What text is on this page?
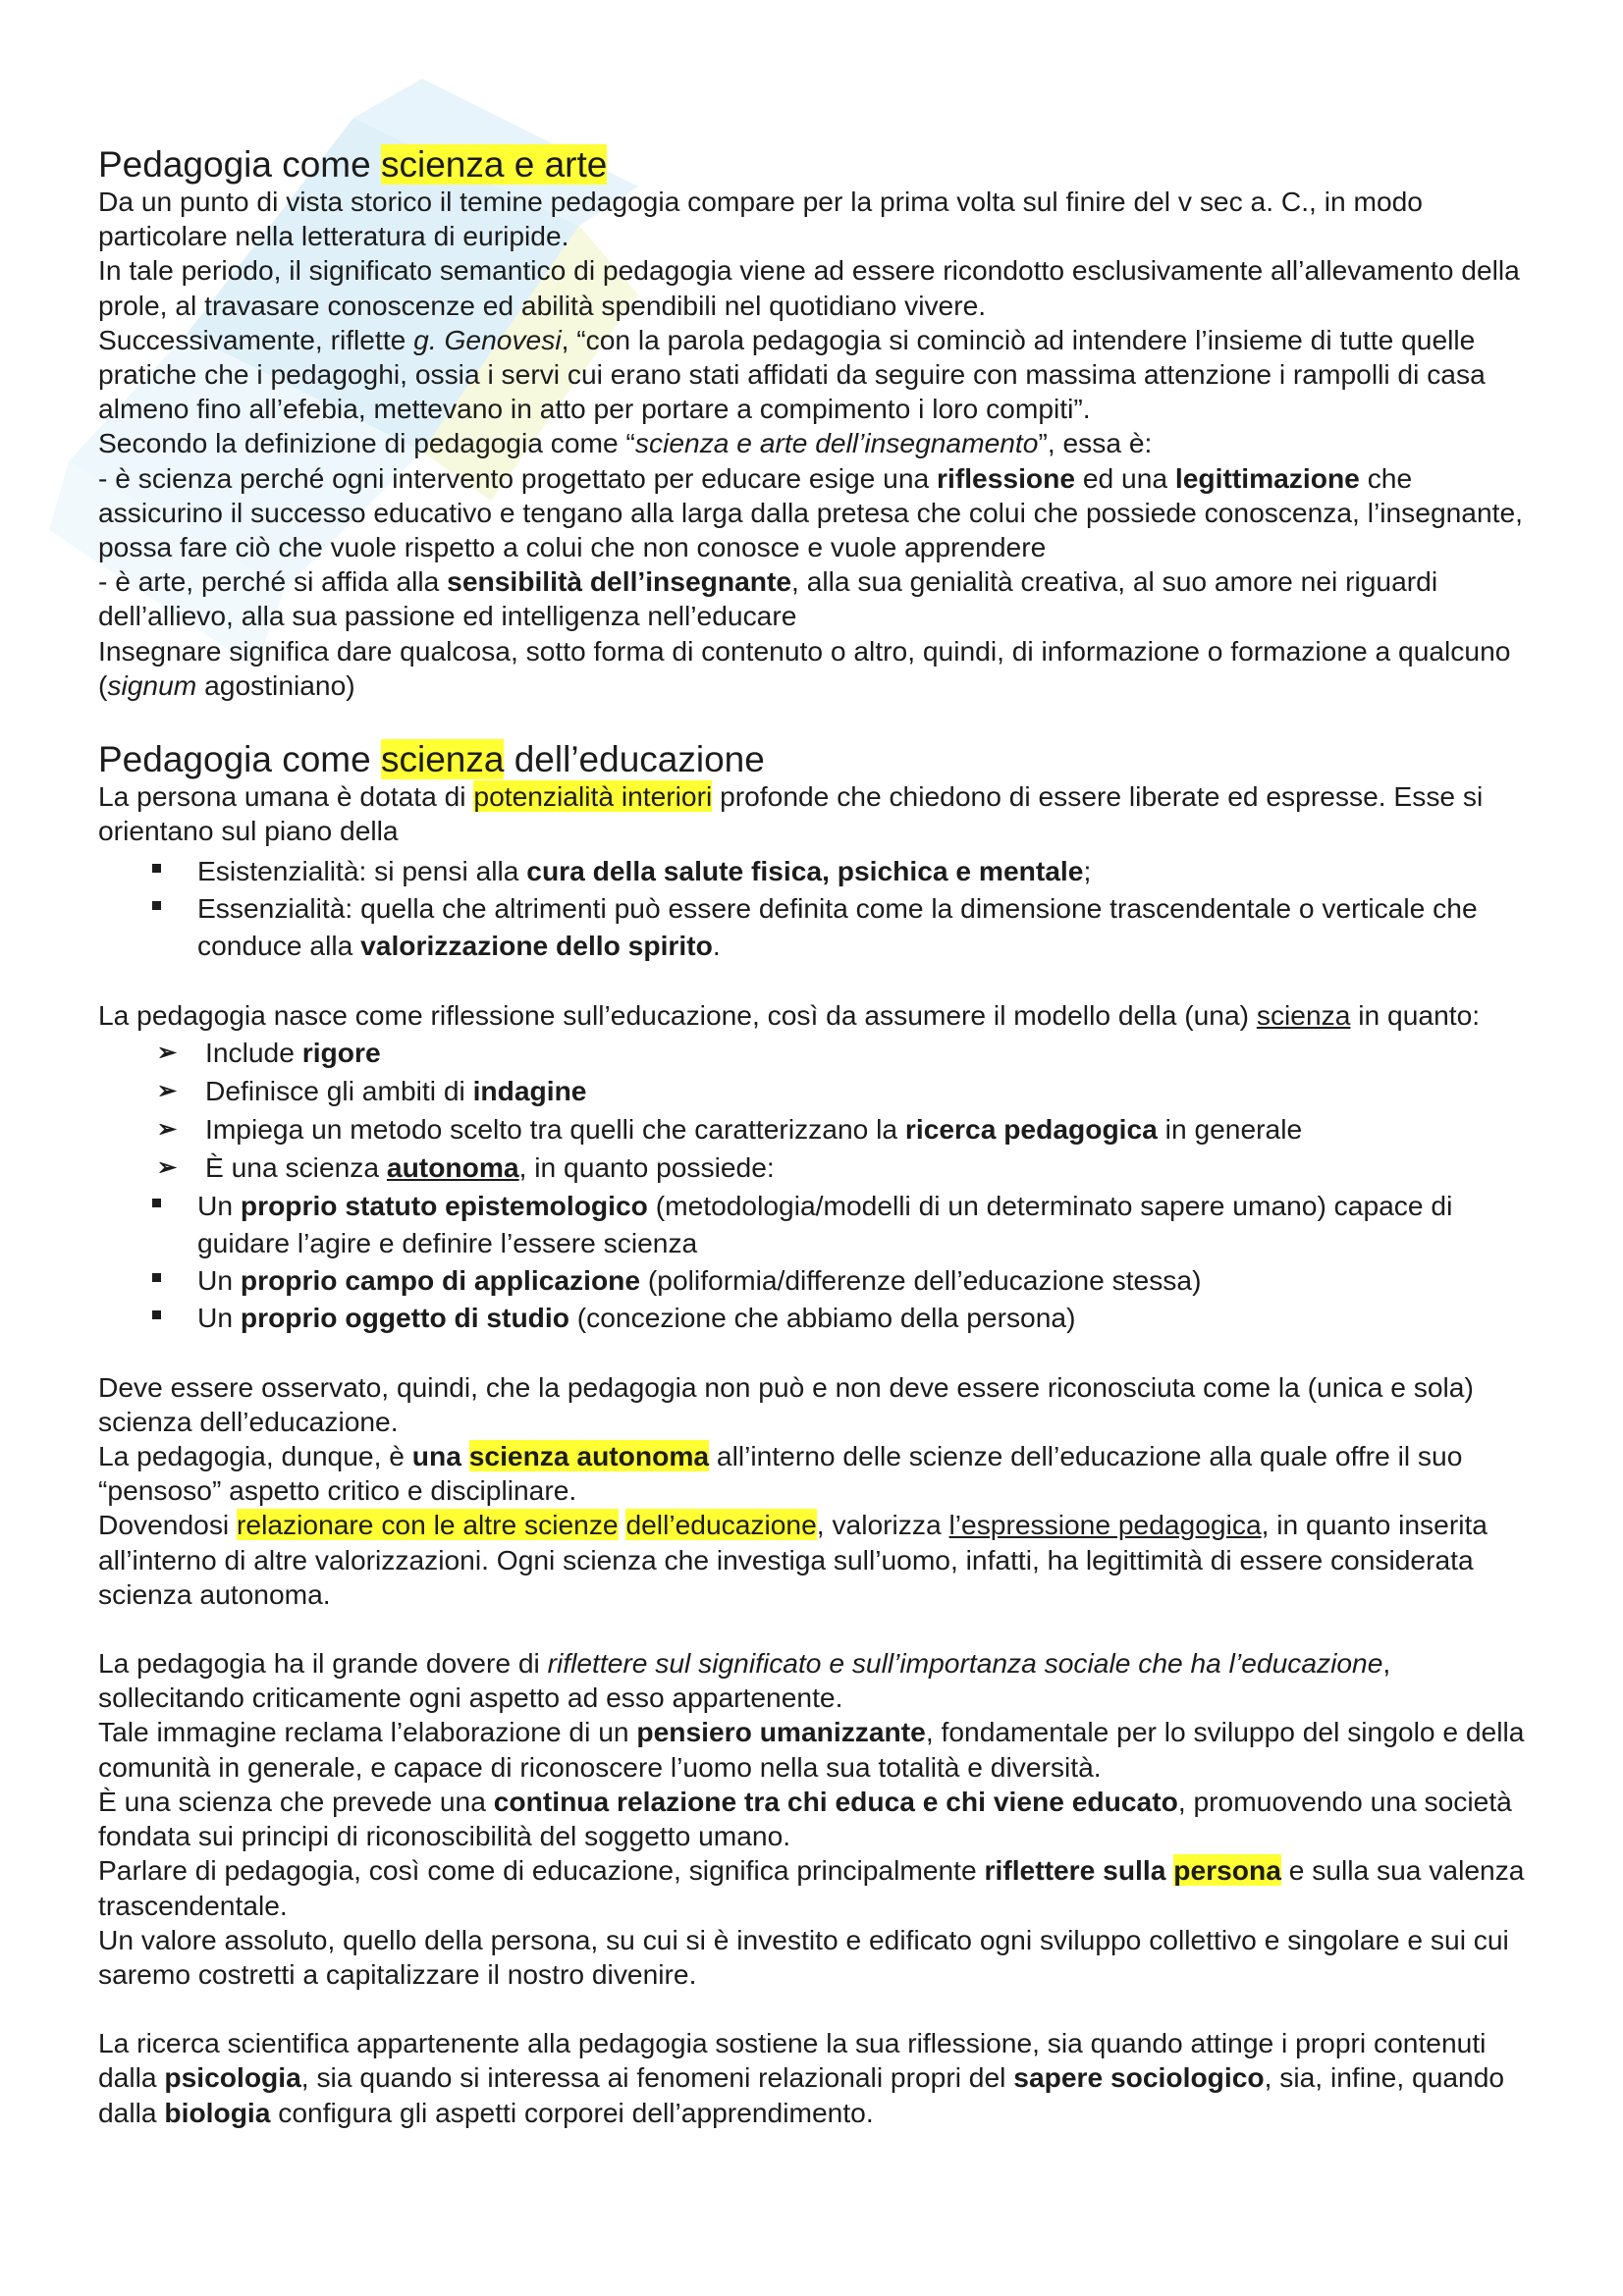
Pedagogia come scienza e arte

Da un punto di vista storico il temine pedagogia compare per la prima volta sul finire del v sec a. C., in modo particolare nella letteratura di euripide.

In tale periodo, il significato semantico di pedagogia viene ad essere ricondotto esclusivamente all’allevamento della prole, al travasare conoscenze ed abilità spendibili nel quotidiano vivere.

Successivamente, riflette g. Genovesi, “con la parola pedagogia si cominciò ad intendere l’insieme di tutte quelle pratiche che i pedagoghi, ossia i servi cui erano stati affidati da seguire con massima attenzione i rampolli di casa almeno fino all’efebia, mettevano in atto per portare a compimento i loro compiti”.

Secondo la definizione di pedagogia come “scienza e arte dell’insegnamento”, essa è:

- è scienza perché ogni intervento progettato per educare esige una riflessione ed una legittimazione che assicurino il successo educativo e tengano alla larga dalla pretesa che colui che possiede conoscenza, l’insegnante, possa fare ciò che vuole rispetto a colui che non conosce e vuole apprendere

- è arte, perché si affida alla sensibilità dell’insegnante, alla sua genialità creativa, al suo amore nei riguardi dell’allievo, alla sua passione ed intelligenza nell’educare

Insegnare significa dare qualcosa, sotto forma di contenuto o altro, quindi, di informazione o formazione a qualcuno (signum agostiniano)

Pedagogia come scienza dell’educazione

La persona umana è dotata di potenzialità interiori profonde che chiedono di essere liberate ed espresse. Esse si orientano sul piano della

Esistenzialità: si pensi alla cura della salute fisica, psichica e mentale;
Essenzialità: quella che altrimenti può essere definita come la dimensione trascendentale o verticale che conduce alla valorizzazione dello spirito.

La pedagogia nasce come riflessione sull’educazione, così da assumere il modello della (una) scienza in quanto:

➢ Include rigore
➢ Definisce gli ambiti di indagine
➢ Impiega un metodo scelto tra quelli che caratterizzano la ricerca pedagogica in generale
➢ È una scienza autonoma, in quanto possiede:
Un proprio statuto epistemologico (metodologia/modelli di un determinato sapere umano) capace di guidare l’agire e definire l’essere scienza
Un proprio campo di applicazione (poliformia/differenze dell’educazione stessa)
Un proprio oggetto di studio (concezione che abbiamo della persona)

Deve essere osservato, quindi, che la pedagogia non può e non deve essere riconosciuta come la (unica e sola) scienza dell’educazione.

La pedagogia, dunque, è una scienza autonoma all’interno delle scienze dell’educazione alla quale offre il suo “pensoso” aspetto critico e disciplinare.

Dovendosi relazionare con le altre scienze dell’educazione, valorizza l’espressione pedagogica, in quanto inserita all’interno di altre valorizzazioni. Ogni scienza che investiga sull’uomo, infatti, ha legittimità di essere considerata scienza autonoma.

La pedagogia ha il grande dovere di riflettere sul significato e sull’importanza sociale che ha l’educazione, sollecitando criticamente ogni aspetto ad esso appartenente.

Tale immagine reclama l’elaborazione di un pensiero umanizzante, fondamentale per lo sviluppo del singolo e della comunità in generale, e capace di riconoscere l’uomo nella sua totalità e diversità.

È una scienza che prevede una continua relazione tra chi educa e chi viene educato, promuovendo una società fondata sui principi di riconoscibilità del soggetto umano.

Parlare di pedagogia, così come di educazione, significa principalmente riflettere sulla persona e sulla sua valenza trascendentale.

Un valore assoluto, quello della persona, su cui si è investito e edificato ogni sviluppo collettivo e singolare e sui cui saremo costretti a capitalizzare il nostro divenire.

La ricerca scientifica appartenente alla pedagogia sostiene la sua riflessione, sia quando attinge i propri contenuti dalla psicologia, sia quando si interessa ai fenomeni relazionali propri del sapere sociologico, sia, infine, quando dalla biologia configura gli aspetti corporei dell’apprendimento.
